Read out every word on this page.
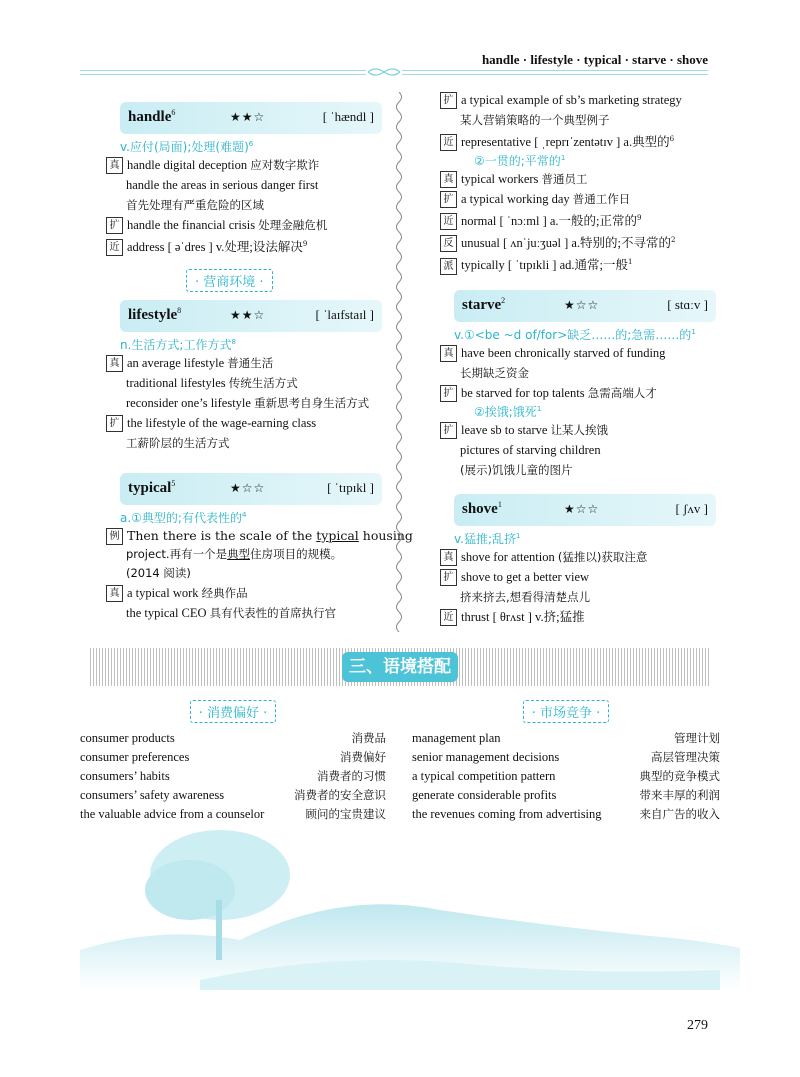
handle · lifestyle · typical · starve · shove
handle$^6$	★★☆	[ ˈhændl ]
v.应付(局面);处理(难题)$^6$
真 handle digital deception 应对数字欺诈
handle the areas in serious danger first
首先处理有严重危险的区域
扩 handle the financial crisis 处理金融危机
近 address [ əˈdres ] v.处理;设法解决$^9$
· 营商环境 ·
lifestyle$^8$	★★☆	[ ˈlaɪfstaɪl ]
n.生活方式;工作方式$^8$
真 an average lifestyle 普通生活
traditional lifestyles 传统生活方式
reconsider one’s lifestyle 重新思考自身生活方式
扩 the lifestyle of the wage-earning class
工薪阶层的生活方式
typical$^5$	★☆☆	[ ˈtɪpɪkl ]
a.①典型的;有代表性的$^4$
例 Then there is the scale of the typical housing
project.再有一个是典型住房项目的规模。
(2014 阅读)
真 a typical work 经典作品
the typical CEO 具有代表性的首席执行官
扩 a typical example of sb’s marketing strategy
某人营销策略的一个典型例子
近 representative [ ˌreprɪˈzentətɪv ] a.典型的$^6$
②一贯的;平常的$^1$
真 typical workers 普通员工
扩 a typical working day 普通工作日
近 normal [ ˈnɔːml ] a.一般的;正常的$^9$
反 unusual [ ʌnˈjuːʒuəl ] a.特别的;不寻常的$^2$
派 typically [ ˈtɪpɪkli ] ad.通常;一般$^1$
starve$^2$	★☆☆	[ stɑːv ]
v.①<be ~d of/for>缺乏……的;急需……的$^1$
真 have been chronically starved of funding
长期缺乏资金
扩 be starved for top talents 急需高端人才
②挨饿;饿死$^1$
扩 leave sb to starve 让某人挨饿
pictures of starving children
(展示)饥饿儿童的图片
shove$^1$	★☆☆	[ ʃʌv ]
v.猛推;乱挤$^1$
真 shove for attention (猛推以)获取注意
扩 shove to get a better view
挤来挤去,想看得清楚点儿
近 thrust [ θrʌst ] v.挤;猛推
三、语境搭配
· 消费偏好 ·
consumer products	消费品
consumer preferences	消费偏好
consumers’ habits	消费者的习惯
consumers’ safety awareness	消费者的安全意识
the valuable advice from a counselor	顾问的宝贵建议
· 市场竞争 ·
management plan	管理计划
senior management decisions	高层管理决策
a typical competition pattern	典型的竞争模式
generate considerable profits	带来丰厚的利润
the revenues coming from advertising	来自广告的收入
279
